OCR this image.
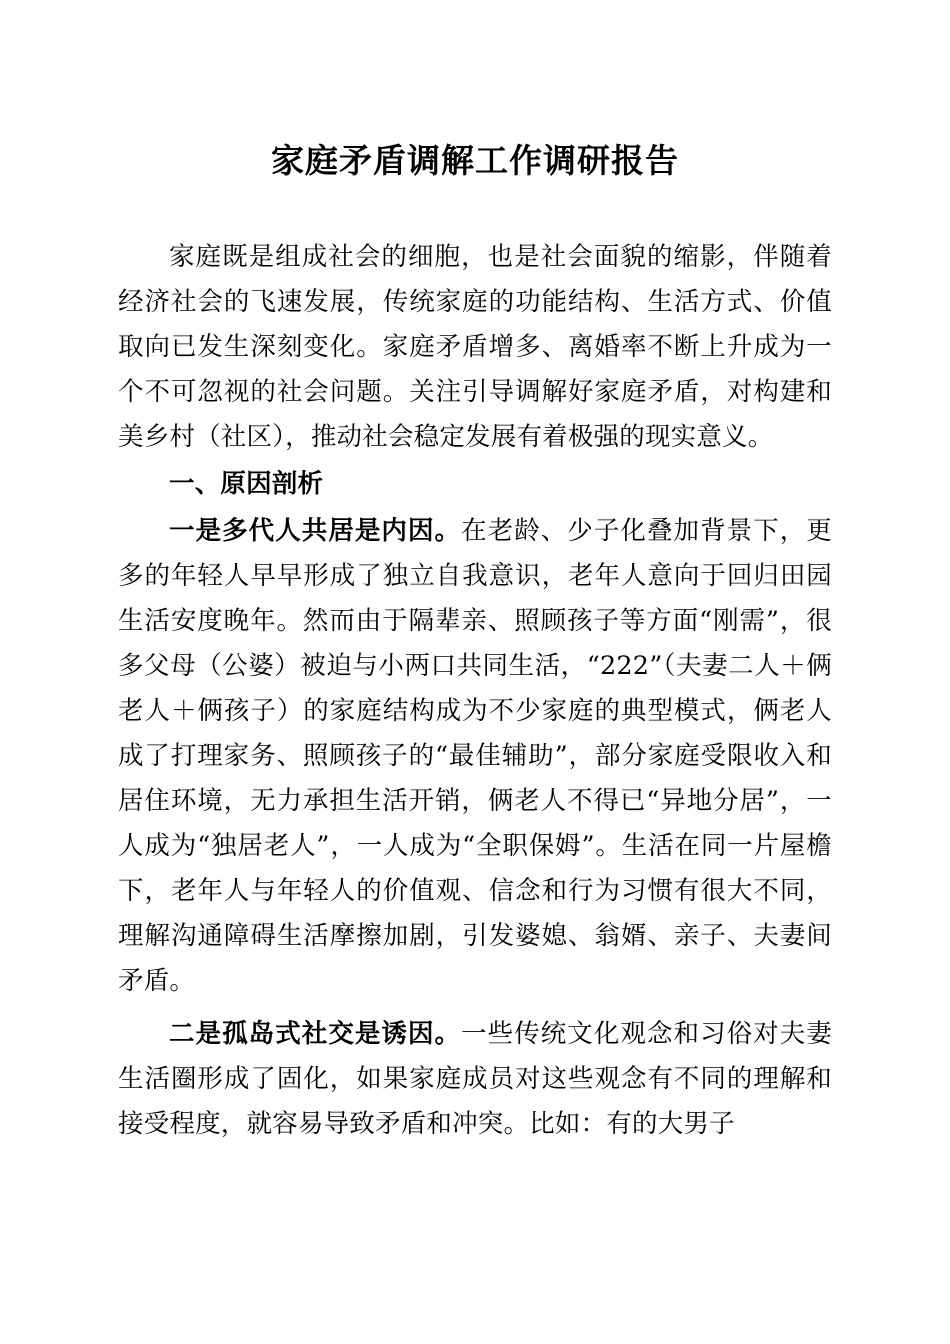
家庭矛盾调解工作调研报告

家庭既是组成社会的细胞，也是社会面貌的缩影，伴随着经济社会的飞速发展，传统家庭的功能结构、生活方式、价值取向已发生深刻变化。家庭矛盾增多、离婚率不断上升成为一个不可忽视的社会问题。关注引导调解好家庭矛盾，对构建和美乡村（社区），推动社会稳定发展有着极强的现实意义。

一、原因剖析

一是多代人共居是内因。在老龄、少子化叠加背景下，更多的年轻人早早形成了独立自我意识，老年人意向于回归田园生活安度晚年。然而由于隔辈亲、照顾孩子等方面“刚需”，很多父母（公婆）被迫与小两口共同生活，“222”（夫妻二人＋俩老人＋俩孩子）的家庭结构成为不少家庭的典型模式，俩老人成了打理家务、照顾孩子的“最佳辅助”，部分家庭受限收入和居住环境，无力承担生活开销，俩老人不得已“异地分居”，一人成为“独居老人”，一人成为“全职保姆”。生活在同一片屋檐下，老年人与年轻人的价值观、信念和行为习惯有很大不同，理解沟通障碍生活摩擦加剧，引发婆媳、翁婿、亲子、夫妻间矛盾。

二是孤岛式社交是诱因。一些传统文化观念和习俗对夫妻生活圈形成了固化，如果家庭成员对这些观念有不同的理解和接受程度，就容易导致矛盾和冲突。比如：有的大男子
